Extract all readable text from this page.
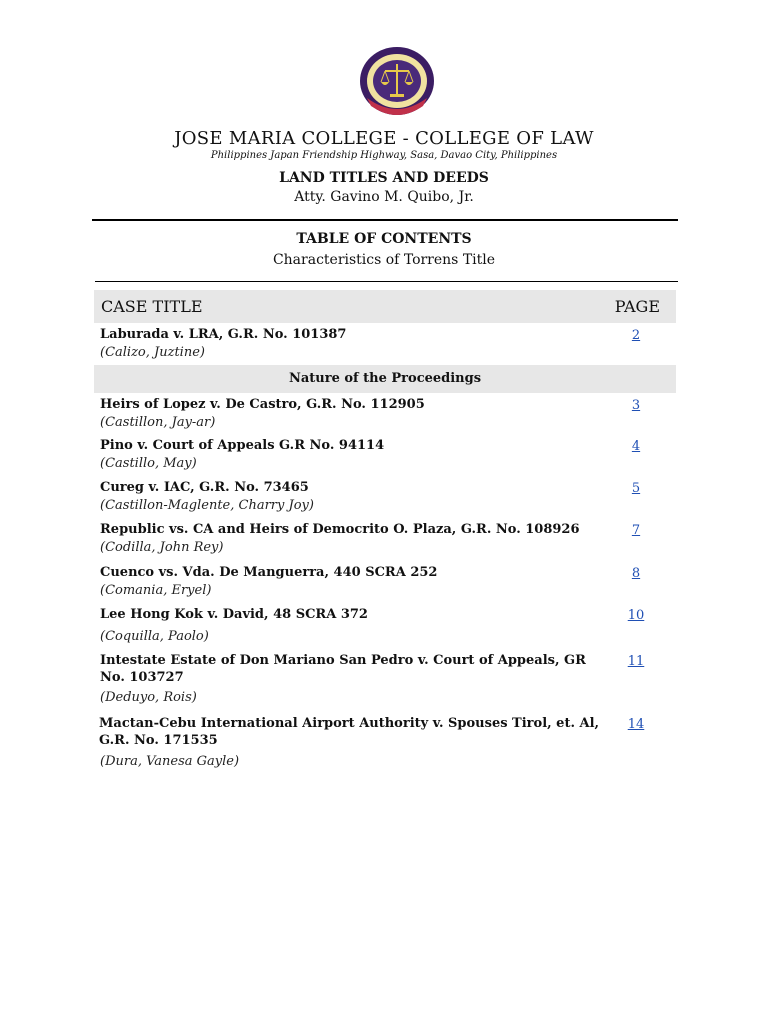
JOSE MARIA COLLEGE - COLLEGE OF LAW
Philippines Japan Friendship Highway, Sasa, Davao City, Philippines
LAND TITLES AND DEEDS
Atty. Gavino M. Quibo, Jr.
TABLE OF CONTENTS
Characteristics of Torrens Title
CASE TITLE	PAGE
Laburada v. LRA, G.R. No. 101387
(Calizo, Juztine)
2
Nature of the Proceedings
Heirs of Lopez v. De Castro, G.R. No. 112905
(Castillon, Jay-ar)
3
Pino v. Court of Appeals G.R No. 94114
(Castillo, May)
4
Cureg v. IAC, G.R. No. 73465
(Castillon-Maglente, Charry Joy)
5
Republic vs. CA and Heirs of Democrito O. Plaza, G.R. No. 108926
(Codilla, John Rey)
7
Cuenco vs. Vda. De Manguerra, 440 SCRA 252
(Comania, Eryel)
8
Lee Hong Kok v. David, 48 SCRA 372
(Coquilla, Paolo)
10
Intestate Estate of Don Mariano San Pedro v. Court of Appeals, GR No. 103727
(Deduyo, Rois)
11
Mactan-Cebu International Airport Authority v. Spouses Tirol, et. Al, G.R. No. 171535
(Dura, Vanesa Gayle)
14
